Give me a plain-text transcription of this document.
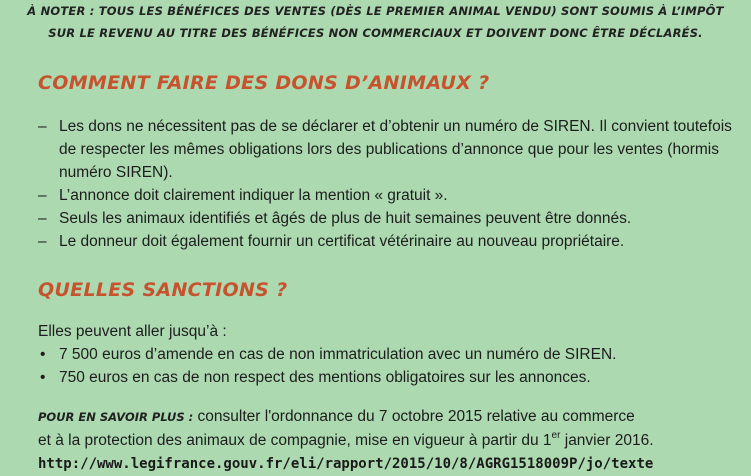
À NOTER : TOUS LES BÉNÉFICES DES VENTES (DÈS LE PREMIER ANIMAL VENDU) SONT SOUMIS À L’IMPÔT
SUR LE REVENU AU TITRE DES BÉNÉFICES NON COMMERCIAUX ET DOIVENT DONC ÊTRE DÉCLARÉS.
COMMENT FAIRE DES DONS D’ANIMAUX ?
– Les dons ne nécessitent pas de se déclarer et d’obtenir un numéro de SIREN. Il convient toutefois de respecter les mêmes obligations lors des publications d’annonce que pour les ventes (hormis numéro SIREN).
– L’annonce doit clairement indiquer la mention « gratuit ».
– Seuls les animaux identifiés et âgés de plus de huit semaines peuvent être donnés.
– Le donneur doit également fournir un certificat vétérinaire au nouveau propriétaire.
QUELLES SANCTIONS ?
Elles peuvent aller jusqu’à :
• 7 500 euros d’amende en cas de non immatriculation avec un numéro de SIREN.
• 750 euros en cas de non respect des mentions obligatoires sur les annonces.
POUR EN SAVOIR PLUS : consulter l'ordonnance du 7 octobre 2015 relative au commerce
et à la protection des animaux de compagnie, mise en vigueur à partir du 1er janvier 2016.
http://www.legifrance.gouv.fr/eli/rapport/2015/10/8/AGRG1518009P/jo/texte
